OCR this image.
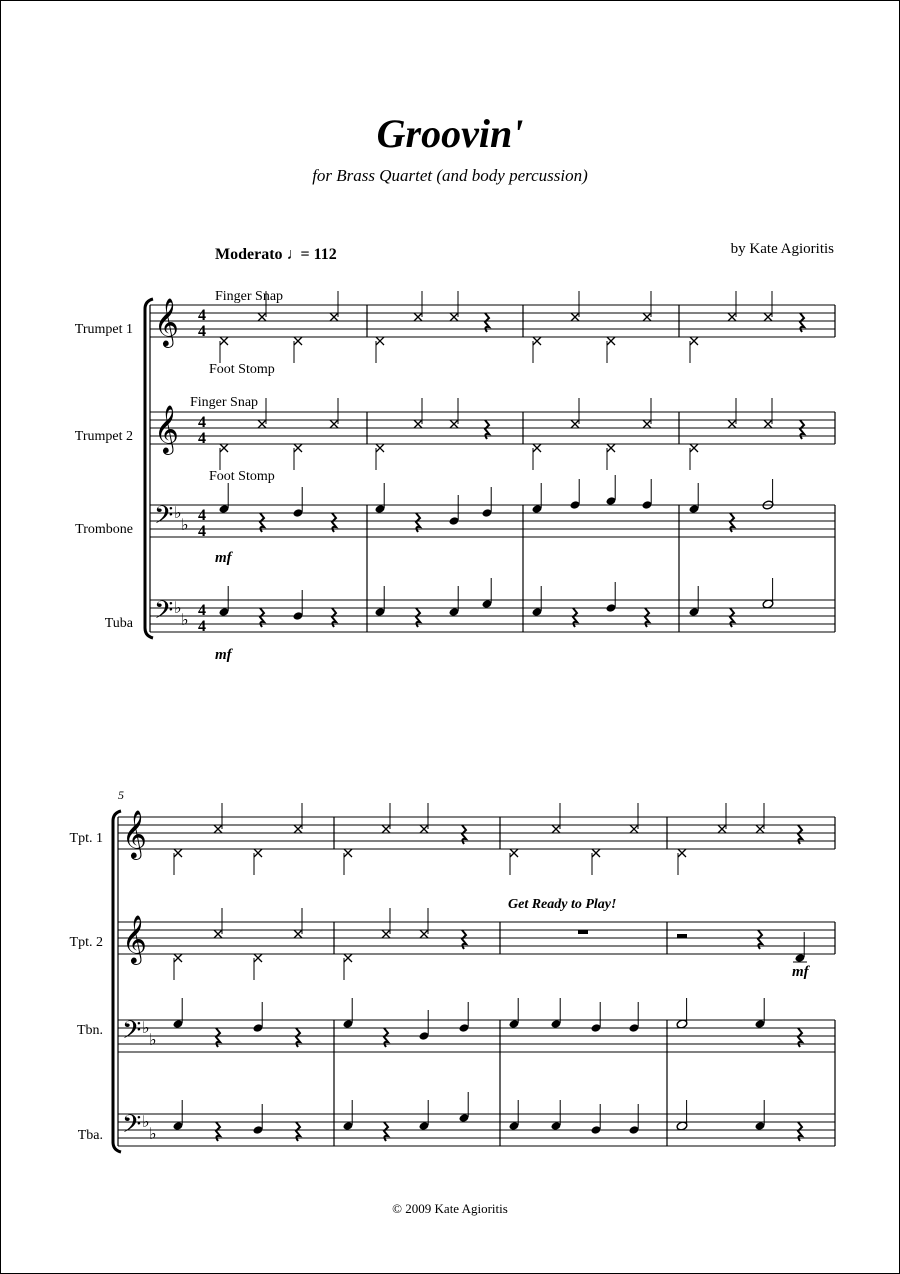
Groovin'
for Brass Quartet (and body percussion)
by Kate Agioritis
Moderato ♩= 112
𝄞
𝄞
𝄢
𝄢
♭
♭
♭
♭
4
4
4
4
4
4
4
4
𝄞
𝄞
𝄢
𝄢
♭
♭
♭
♭
Trumpet 1
Trumpet 2
Trombone
Tuba
Finger Snap
Foot Stomp
Finger Snap
Foot Stomp
mf
mf
5
Tpt. 1
Tpt. 2
Tbn.
Tba.
Get Ready to Play!
mf
© 2009 Kate Agioritis
